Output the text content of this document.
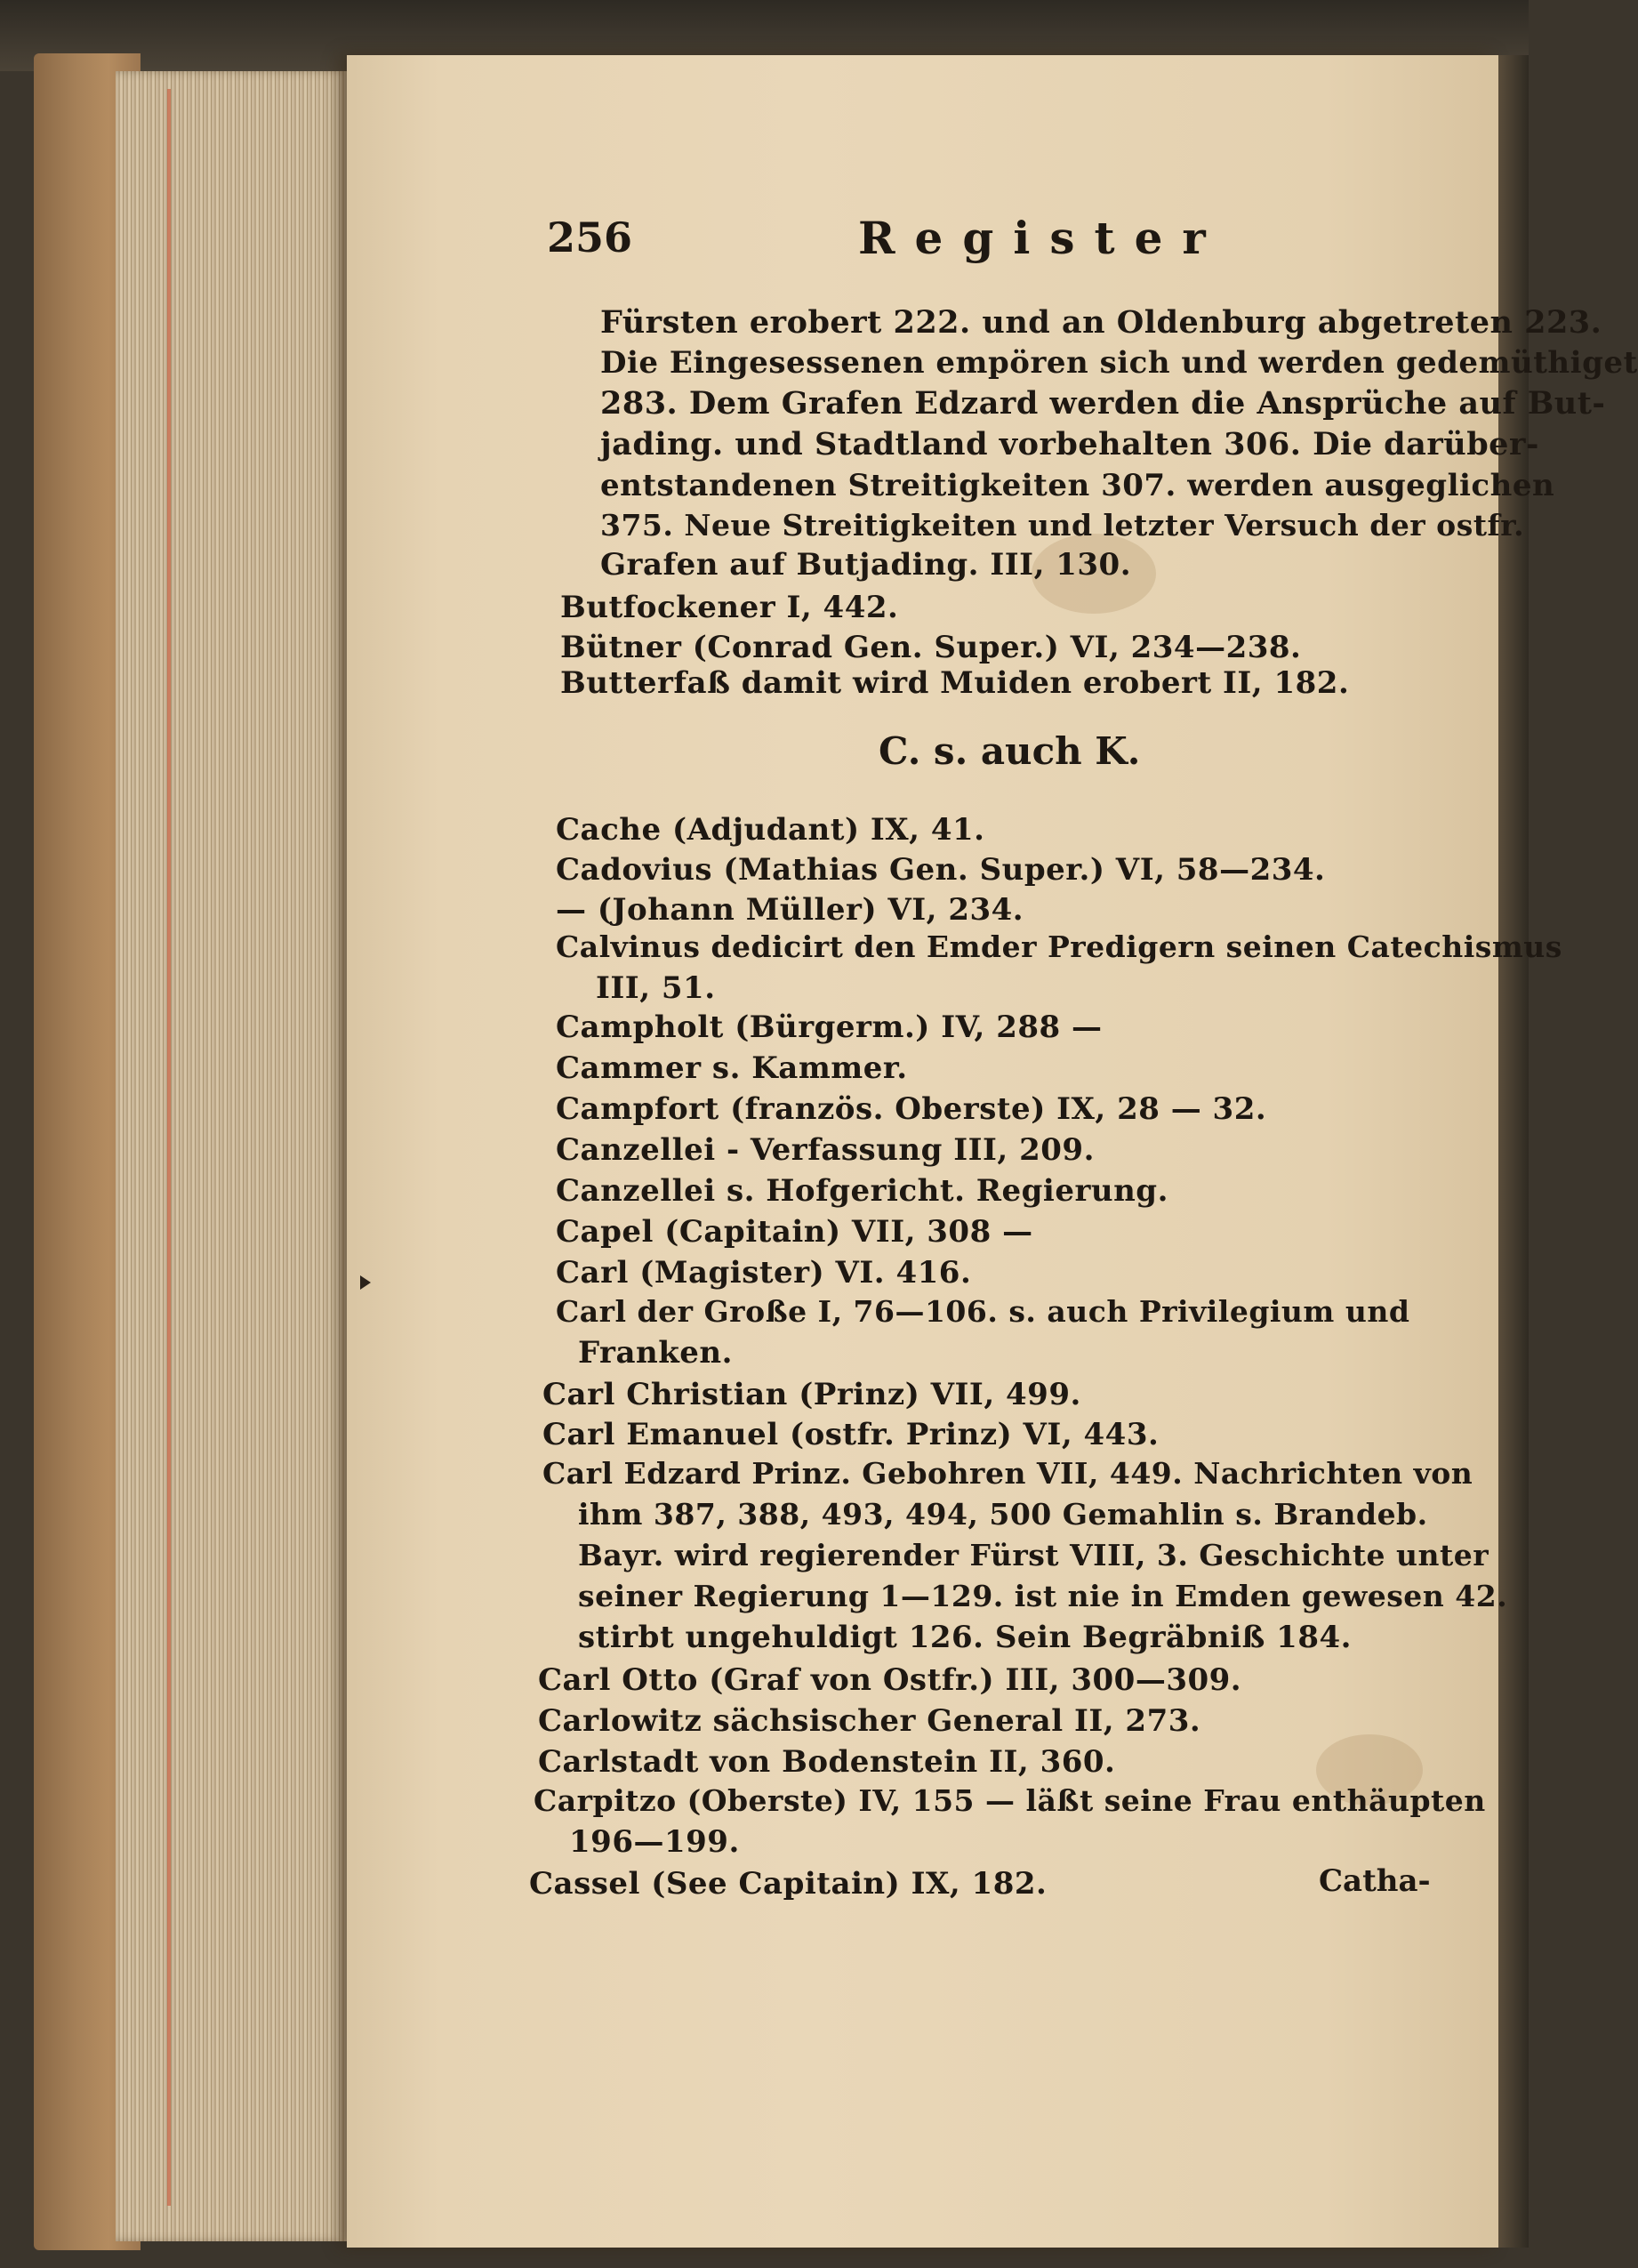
256	Register
Fürsten erobert 222. und an Oldenburg abgetreten 223.
Die Eingesessenen empören sich und werden gedemüthiget
283. Dem Grafen Edzard werden die Ansprüche auf But-
jading. und Stadtland vorbehalten 306. Die darüber-
entstandenen Streitigkeiten 307. werden ausgeglichen
375. Neue Streitigkeiten und letzter Versuch der ostfr.
Grafen auf Butjading. III, 130.
Butfockener I, 442.
Bütner (Conrad Gen. Super.) VI, 234—238.
Butterfaß damit wird Muiden erobert II, 182.
C. s. auch K.
Cache (Adjudant) IX, 41.
Cadovius (Mathias Gen. Super.) VI, 58—234.
— (Johann Müller) VI, 234.
Calvinus dedicirt den Emder Predigern seinen Catechismus
III, 51.
Campholt (Bürgerm.) IV, 288 —
Cammer s. Kammer.
Campfort (französ. Oberste) IX, 28 — 32.
Canzellei - Verfassung III, 209.
Canzellei s. Hofgericht. Regierung.
Capel (Capitain) VII, 308 —
Carl (Magister) VI. 416.
Carl der Große I, 76—106. s. auch Privilegium und
Franken.
Carl Christian (Prinz) VII, 499.
Carl Emanuel (ostfr. Prinz) VI, 443.
Carl Edzard Prinz. Gebohren VII, 449. Nachrichten von
ihm 387, 388, 493, 494, 500 Gemahlin s. Brandeb.
Bayr. wird regierender Fürst VIII, 3. Geschichte unter
seiner Regierung 1—129. ist nie in Emden gewesen 42.
stirbt ungehuldigt 126. Sein Begräbniß 184.
Carl Otto (Graf von Ostfr.) III, 300—309.
Carlowitz sächsischer General II, 273.
Carlstadt von Bodenstein II, 360.
Carpitzo (Oberste) IV, 155 — läßt seine Frau enthäupten
196—199.
Cassel (See Capitain) IX, 182.	Catha-
